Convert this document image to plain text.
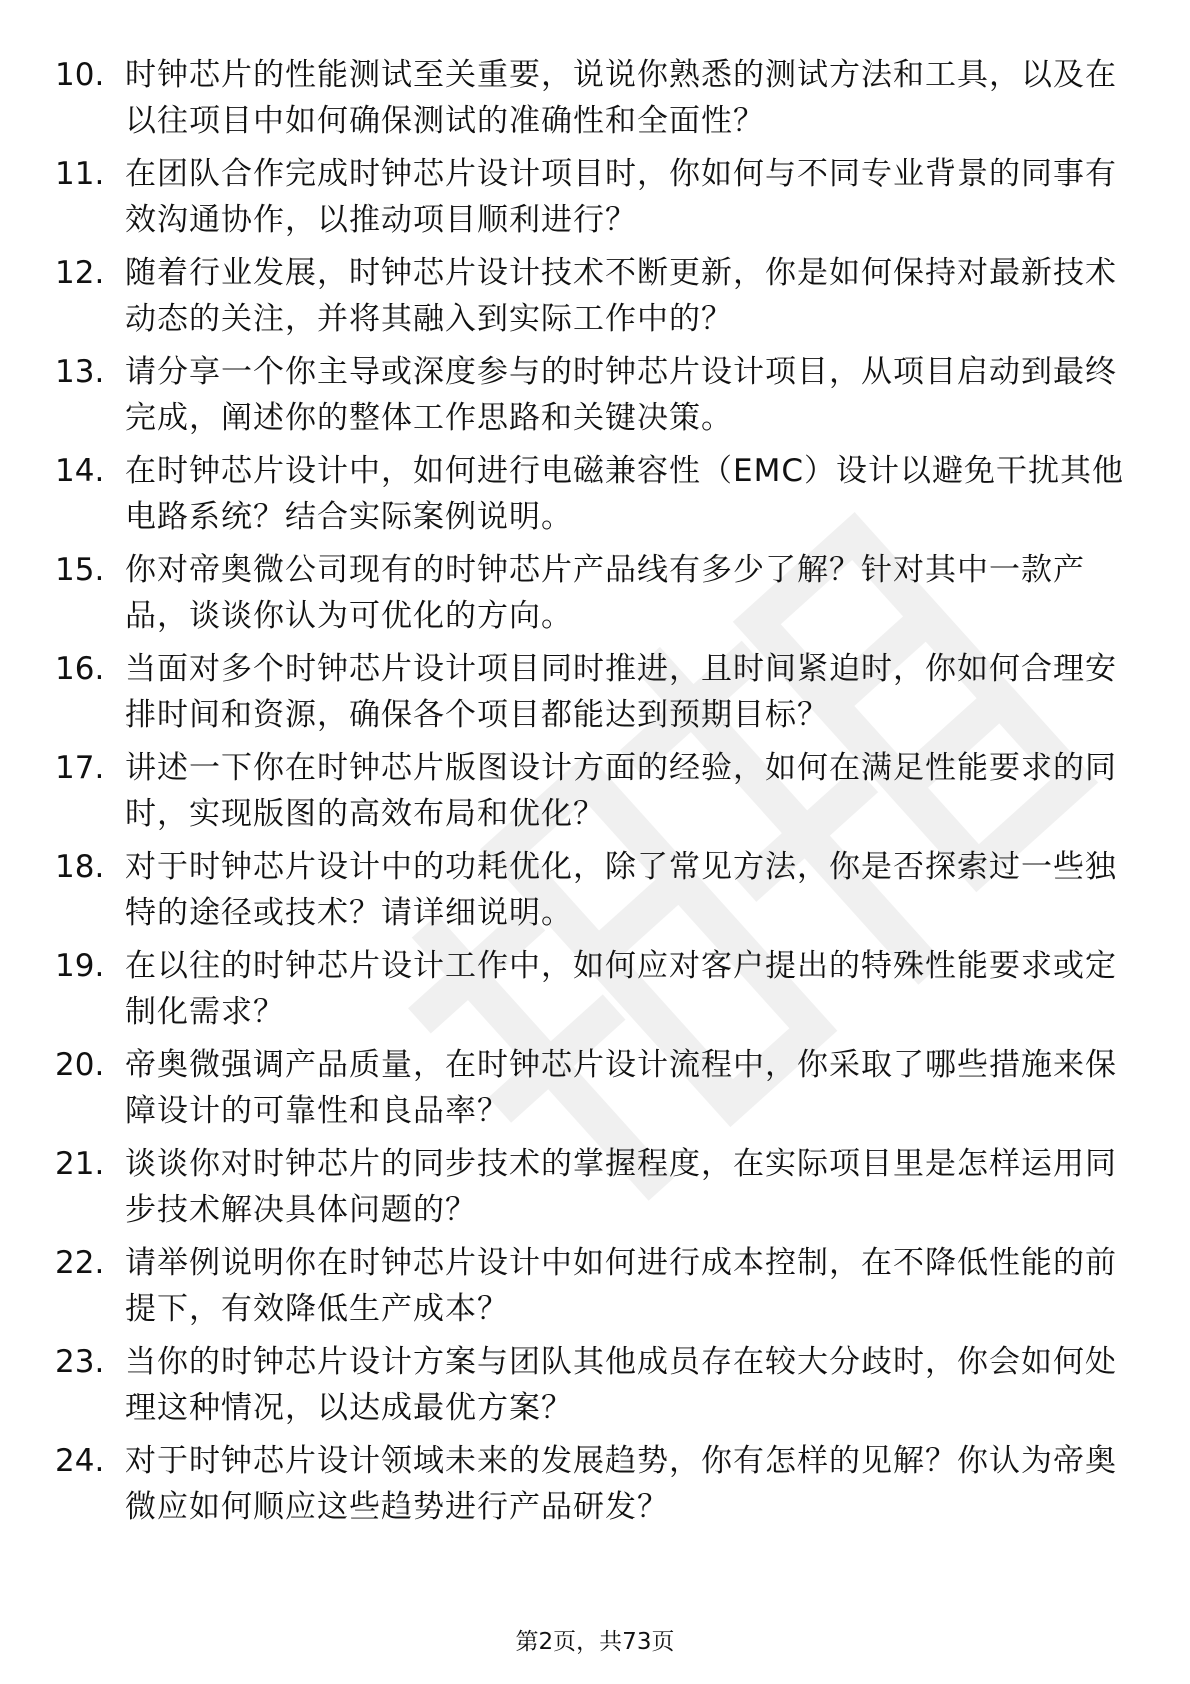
10. 时钟芯片的性能测试至关重要，说说你熟悉的测试方法和工具，以及在以往项目中如何确保测试的准确性和全面性？
11. 在团队合作完成时钟芯片设计项目时，你如何与不同专业背景的同事有效沟通协作，以推动项目顺利进行？
12. 随着行业发展，时钟芯片设计技术不断更新，你是如何保持对最新技术动态的关注，并将其融入到实际工作中的？
13. 请分享一个你主导或深度参与的时钟芯片设计项目，从项目启动到最终完成，阐述你的整体工作思路和关键决策。
14. 在时钟芯片设计中，如何进行电磁兼容性（EMC）设计以避免干扰其他电路系统？结合实际案例说明。
15. 你对帝奥微公司现有的时钟芯片产品线有多少了解？针对其中一款产品，谈谈你认为可优化的方向。
16. 当面对多个时钟芯片设计项目同时推进，且时间紧迫时，你如何合理安排时间和资源，确保各个项目都能达到预期目标？
17. 讲述一下你在时钟芯片版图设计方面的经验，如何在满足性能要求的同时，实现版图的高效布局和优化？
18. 对于时钟芯片设计中的功耗优化，除了常见方法，你是否探索过一些独特的途径或技术？请详细说明。
19. 在以往的时钟芯片设计工作中，如何应对客户提出的特殊性能要求或定制化需求？
20. 帝奥微强调产品质量，在时钟芯片设计流程中，你采取了哪些措施来保障设计的可靠性和良品率？
21. 谈谈你对时钟芯片的同步技术的掌握程度，在实际项目里是怎样运用同步技术解决具体问题的？
22. 请举例说明你在时钟芯片设计中如何进行成本控制，在不降低性能的前提下，有效降低生产成本？
23. 当你的时钟芯片设计方案与团队其他成员存在较大分歧时，你会如何处理这种情况，以达成最优方案？
24. 对于时钟芯片设计领域未来的发展趋势，你有怎样的见解？你认为帝奥微应如何顺应这些趋势进行产品研发？
第2页，共73页
